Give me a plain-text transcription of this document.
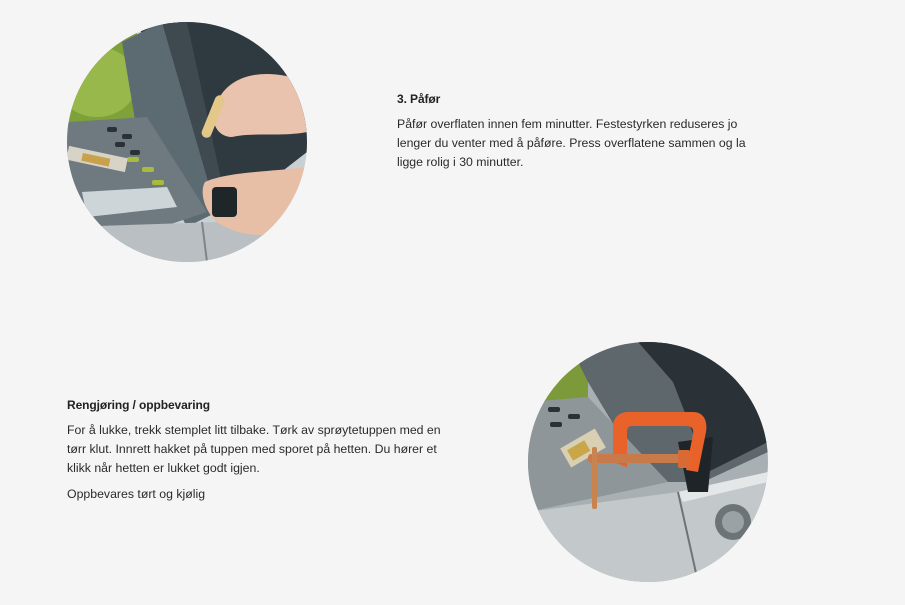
3. Påfør

Påfør overflaten innen fem minutter. Festestyrken reduseres jo lenger du venter med å påføre. Press overflatene sammen og la ligge rolig i 30 minutter.

Rengjøring / oppbevaring

For å lukke, trekk stemplet litt tilbake. Tørk av sprøytetuppen med en tørr klut. Innrett hakket på tuppen med sporet på hetten. Du hører et klikk når hetten er lukket godt igjen.

Oppbevares tørt og kjølig
